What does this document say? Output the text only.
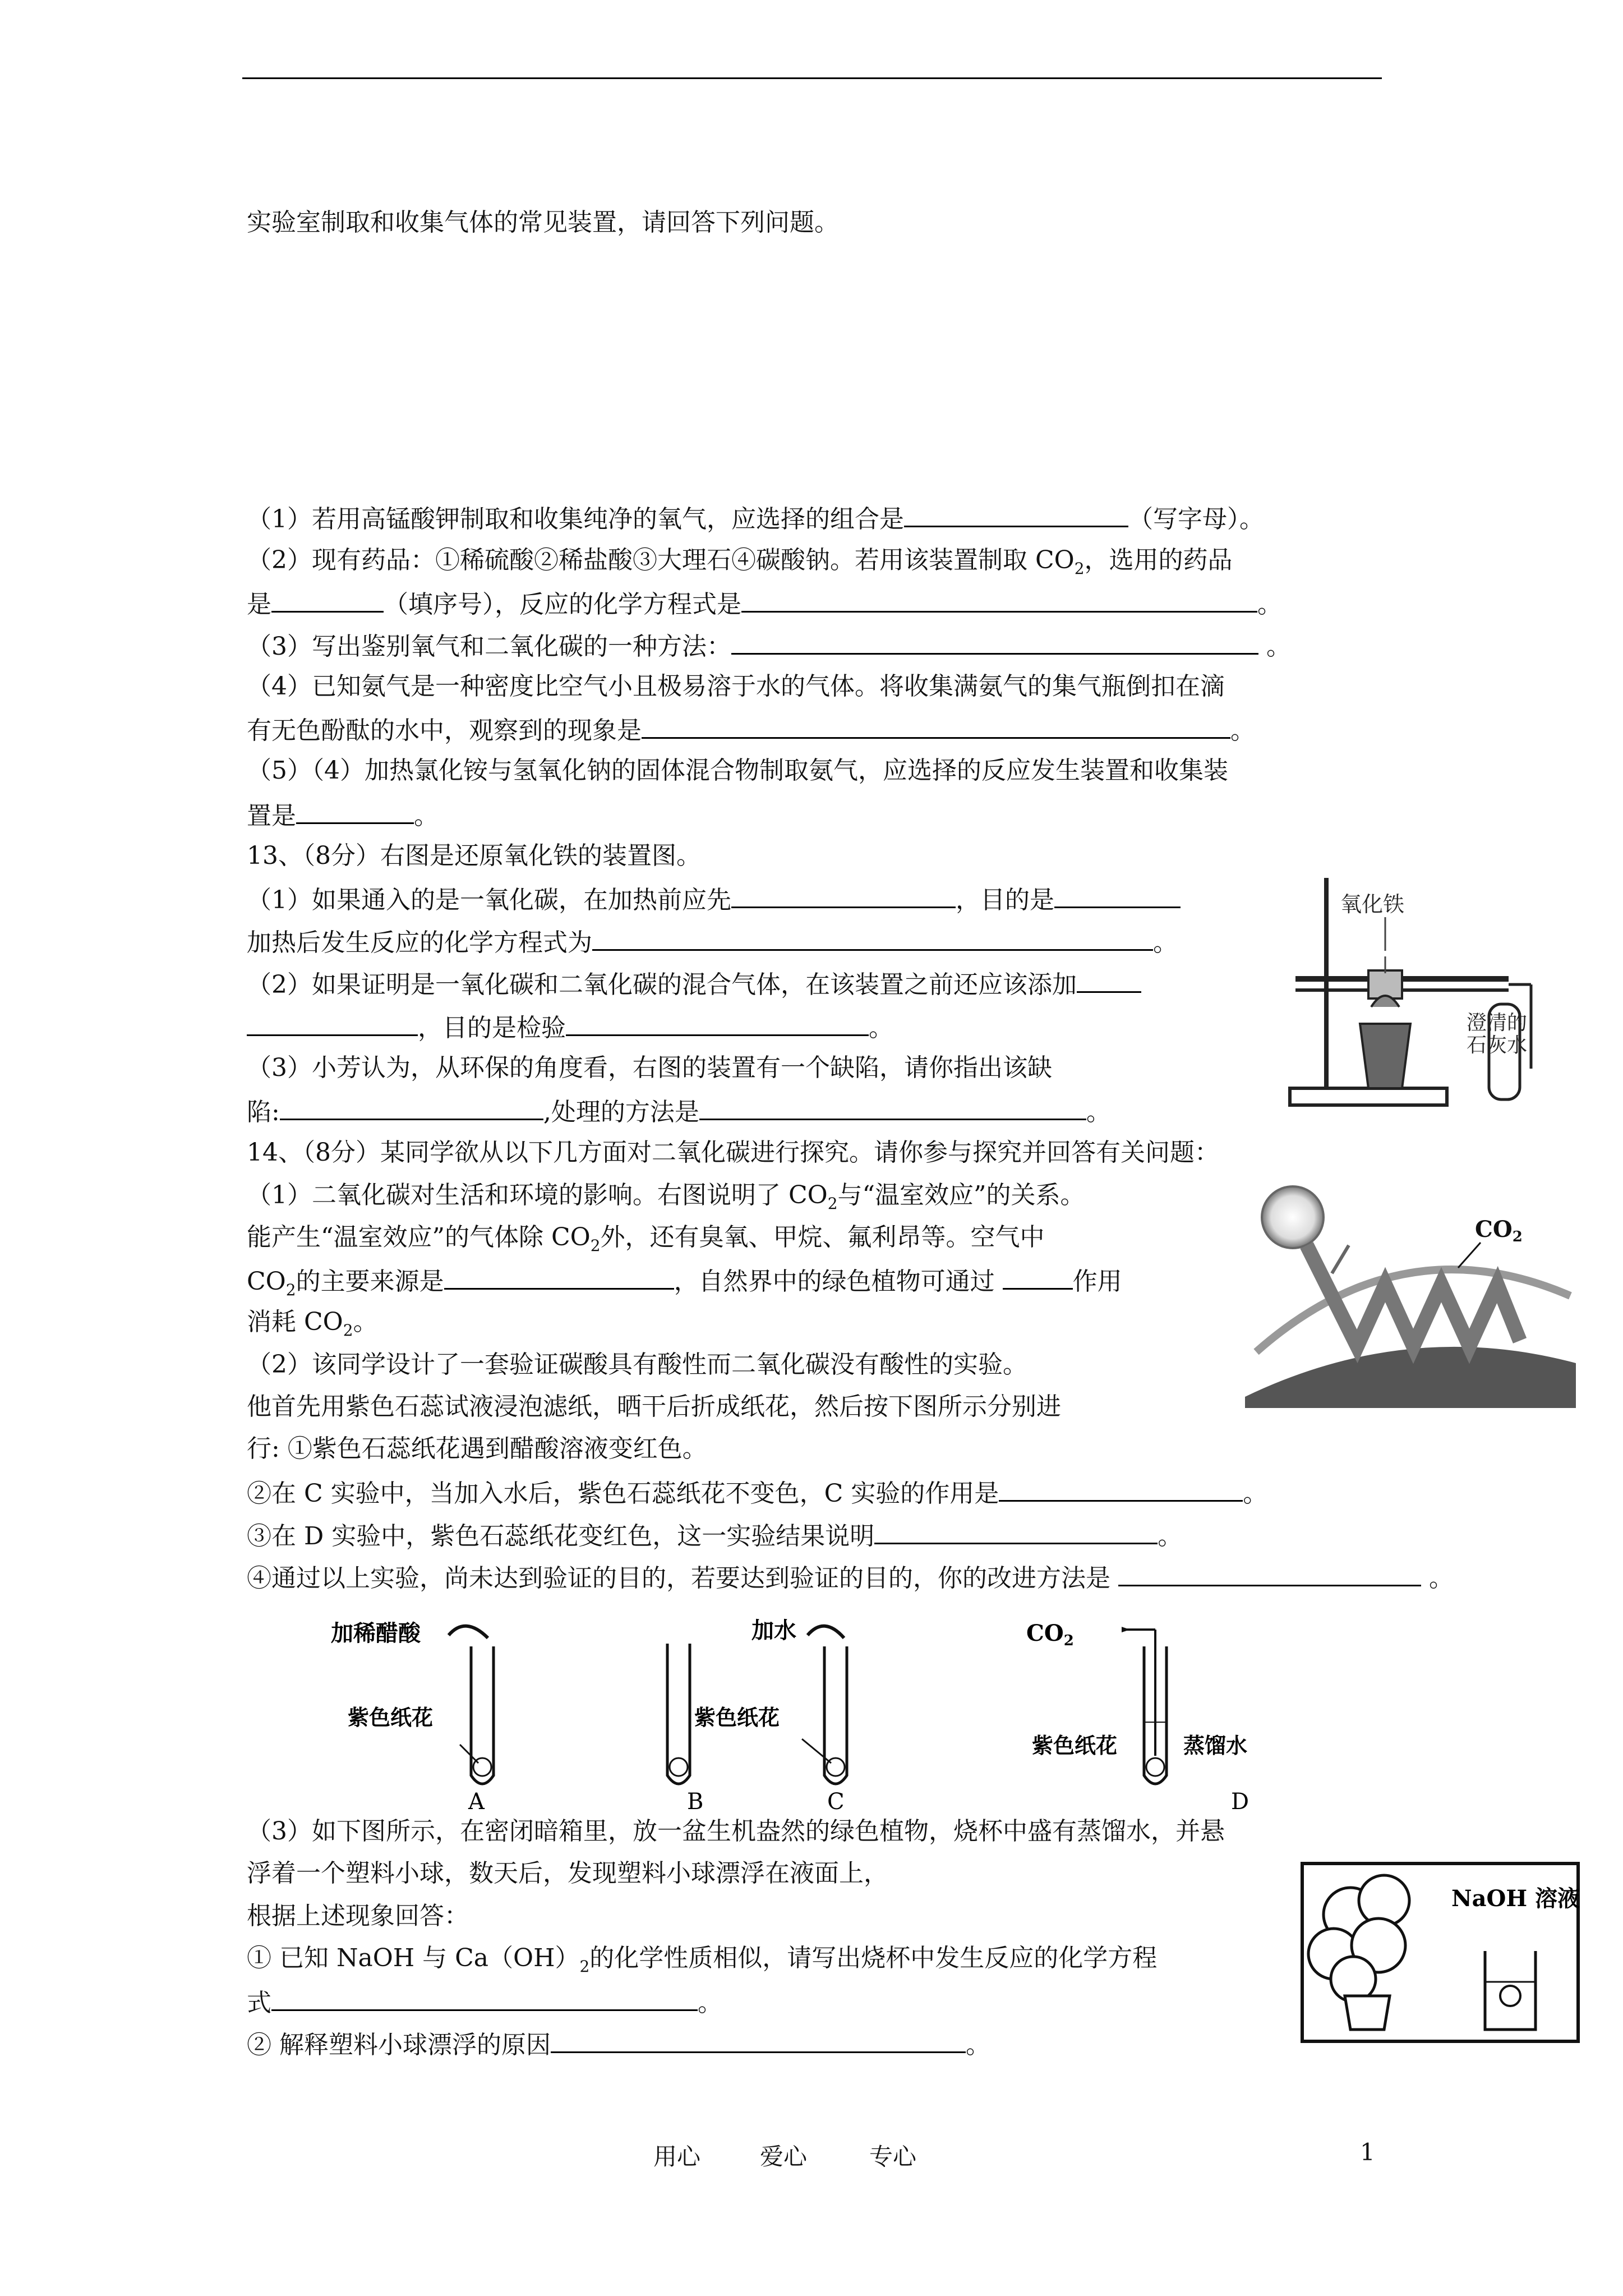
实验室制取和收集气体的常见装置，请回答下列问题。
（1）若用高锰酸钾制取和收集纯净的氧气，应选择的组合是	（写字母）。
（2）现有药品：①稀硫酸②稀盐酸③大理石④碳酸钠。若用该装置制取 $CO_2$，选用的药品
是	（填序号），反应的化学方程式是	。
（3）写出鉴别氧气和二氧化碳的一种方法：	。
（4）已知氨气是一种密度比空气小且极易溶于水的气体。将收集满氨气的集气瓶倒扣在滴
有无色酚酞的水中，观察到的现象是	。
（5）（4）加热氯化铵与氢氧化钠的固体混合物制取氨气，应选择的反应发生装置和收集装
置是	。
13、（8分）右图是还原氧化铁的装置图。
（1）如果通入的是一氧化碳，在加热前应先	，目的是
加热后发生反应的化学方程式为	。
（2）如果证明是一氧化碳和二氧化碳的混合气体，在该装置之前还应该添加
，目的是检验	。
（3）小芳认为，从环保的角度看，右图的装置有一个缺陷，请你指出该缺
陷:	,处理的方法是	。
氧化铁
澄清的
石灰水
14、（8分）某同学欲从以下几方面对二氧化碳进行探究。请你参与探究并回答有关问题：
（1）二氧化碳对生活和环境的影响。右图说明了 $CO_2$与“温室效应”的关系。
能产生“温室效应”的气体除 $CO_2$外，还有臭氧、甲烷、氟利昂等。空气中
$CO_2$的主要来源是	，自然界中的绿色植物可通过	作用
消耗 $CO_2$。
$CO_2$
（2）该同学设计了一套验证碳酸具有酸性而二氧化碳没有酸性的实验。
他首先用紫色石蕊试液浸泡滤纸，晒干后折成纸花，然后按下图所示分别进
行: ①紫色石蕊纸花遇到醋酸溶液变红色。
②在 C 实验中，当加入水后，紫色石蕊纸花不变色，C 实验的作用是	。
③在 D 实验中，紫色石蕊纸花变红色，这一实验结果说明	。
④通过以上实验，尚未达到验证的目的，若要达到验证的目的，你的改进方法是	。
加稀醋酸
紫色纸花
A
紫色纸花
B
加水
C
$CO_2$
紫色纸花	蒸馏水
D
（3）如下图所示，在密闭暗箱里，放一盆生机盎然的绿色植物，烧杯中盛有蒸馏水，并悬
浮着一个塑料小球，数天后，发现塑料小球漂浮在液面上，
根据上述现象回答：
① 已知 NaOH 与 $Ca(OH)_2$的化学性质相似，请写出烧杯中发生反应的化学方程
式	。
② 解释塑料小球漂浮的原因	。
NaOH 溶液
用心	爱心	专心	1
